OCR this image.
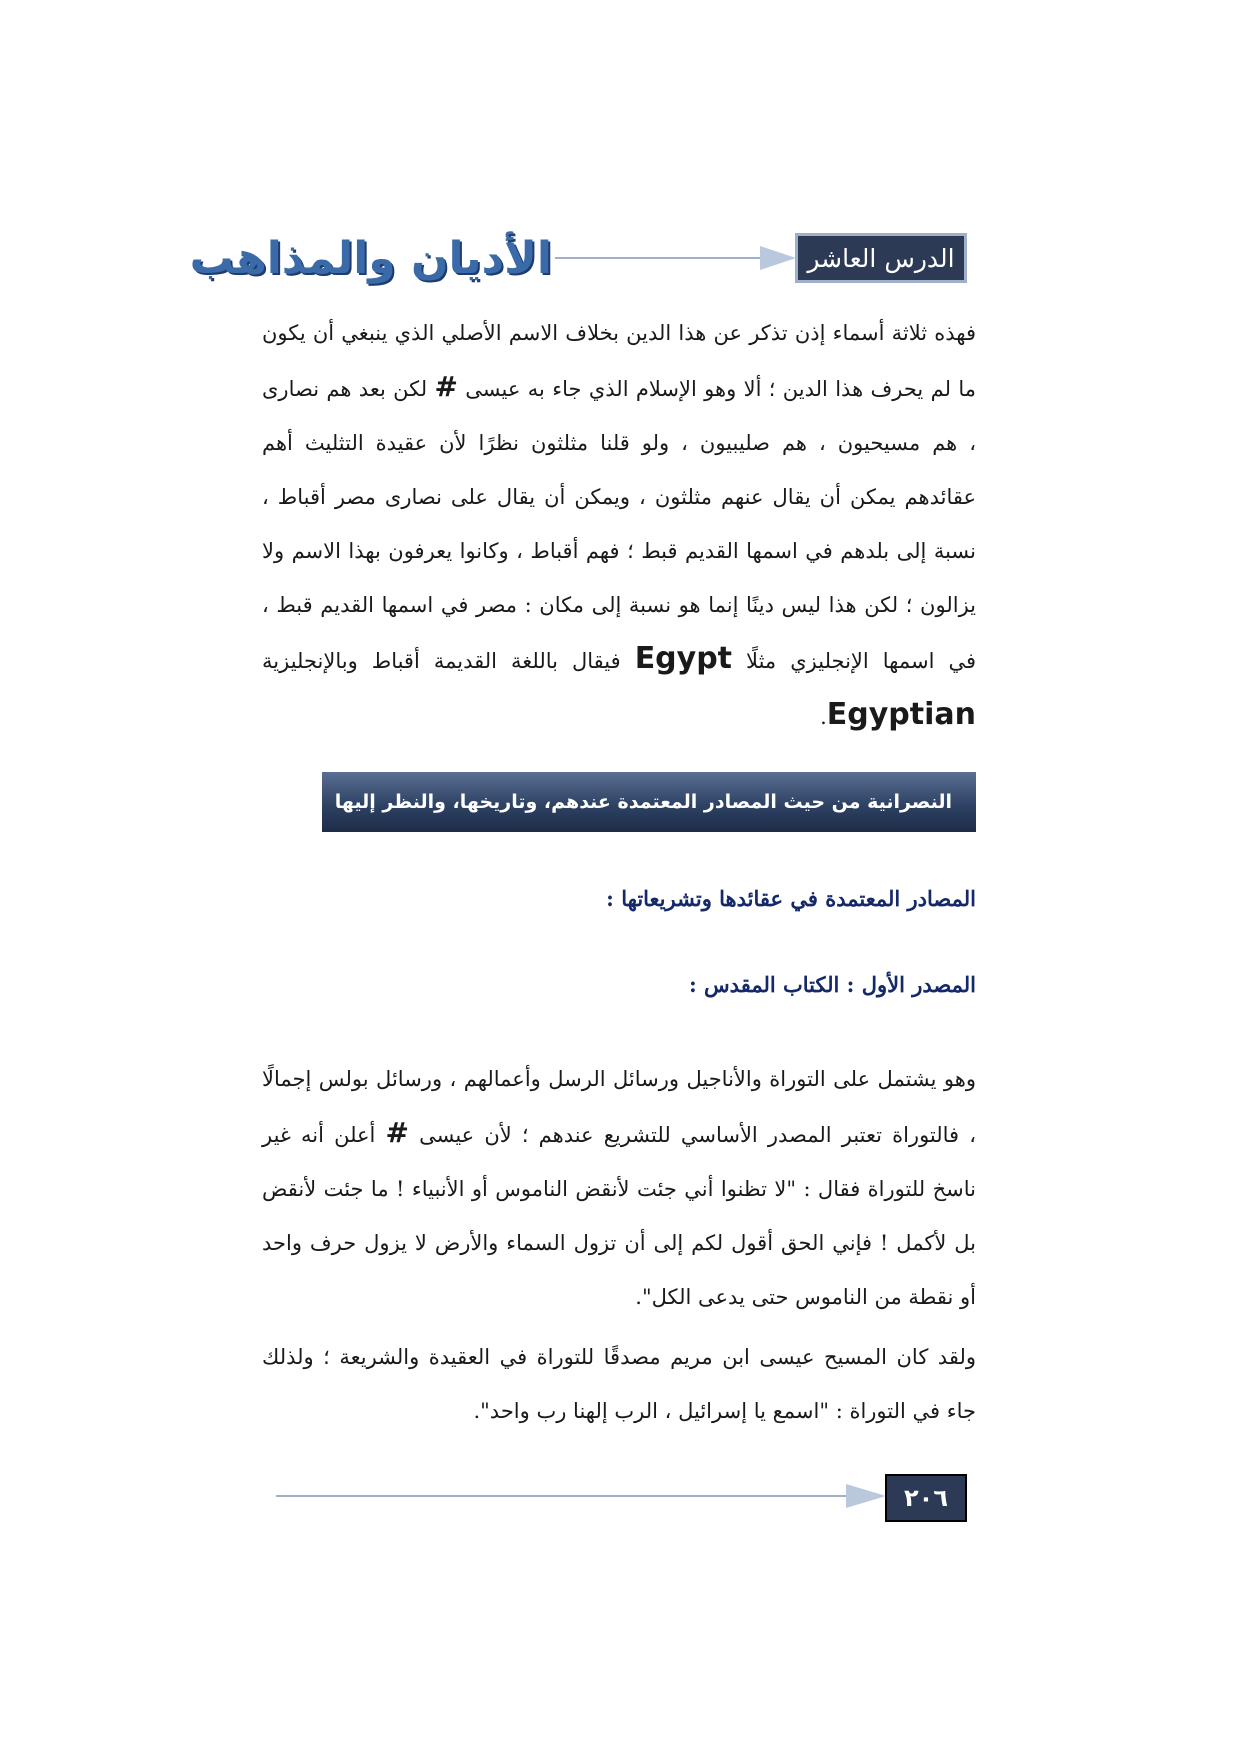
الدرس العاشر
الأديان والمذاهب
فهذه ثلاثة أسماء إذن تذكر عن هذا الدين بخلاف الاسم الأصلي الذي ينبغي أن يكون ما لم يحرف هذا الدين ؛ ألا وهو الإسلام الذي جاء به عيسى # لكن بعد هم نصارى ، هم مسيحيون ، هم صليبيون ، ولو قلنا مثلثون نظرًا لأن عقيدة التثليث أهم عقائدهم يمكن أن يقال عنهم مثلثون ، ويمكن أن يقال على نصارى مصر أقباط ، نسبة إلى بلدهم في اسمها القديم قبط ؛ فهم أقباط ، وكانوا يعرفون بهذا الاسم ولا يزالون ؛ لكن هذا ليس دينًا إنما هو نسبة إلى مكان : مصر في اسمها القديم قبط ، في اسمها الإنجليزي مثلًا Egypt فيقال باللغة القديمة أقباط وبالإنجليزية Egyptian.
النصرانية من حيث المصادر المعتمدة عندهم، وتاريخها، والنظر إليها
المصادر المعتمدة في عقائدها وتشريعاتها :
المصدر الأول : الكتاب المقدس :
وهو يشتمل على التوراة والأناجيل ورسائل الرسل وأعمالهم ، ورسائل بولس إجمالًا ، فالتوراة تعتبر المصدر الأساسي للتشريع عندهم ؛ لأن عيسى # أعلن أنه غير ناسخ للتوراة فقال : "لا تظنوا أني جئت لأنقض الناموس أو الأنبياء ! ما جئت لأنقض بل لأكمل ! فإني الحق أقول لكم إلى أن تزول السماء والأرض لا يزول حرف واحد أو نقطة من الناموس حتى يدعى الكل".
ولقد كان المسيح عيسى ابن مريم مصدقًا للتوراة في العقيدة والشريعة ؛ ولذلك جاء في التوراة : "اسمع يا إسرائيل ، الرب إلهنا رب واحد".
٢٠٦
